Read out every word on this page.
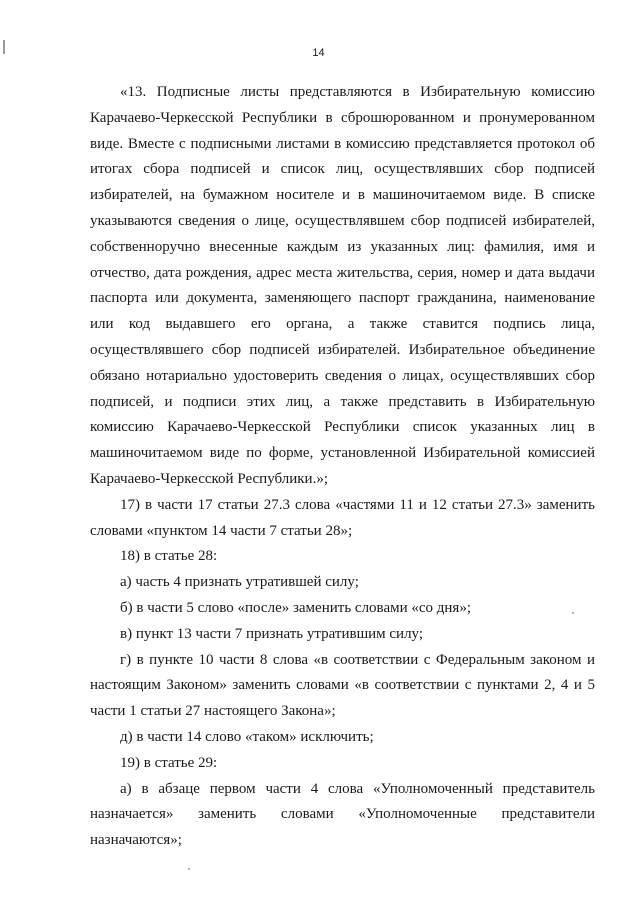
14

«13. Подписные листы представляются в Избирательную комиссию Карачаево-Черкесской Республики в сброшюрованном и пронумерованном виде. Вместе с подписными листами в комиссию представляется протокол об итогах сбора подписей и список лиц, осуществлявших сбор подписей избирателей, на бумажном носителе и в машиночитаемом виде. В списке указываются сведения о лице, осуществлявшем сбор подписей избирателей, собственноручно внесенные каждым из указанных лиц: фамилия, имя и отчество, дата рождения, адрес места жительства, серия, номер и дата выдачи паспорта или документа, заменяющего паспорт гражданина, наименование или код выдавшего его органа, а также ставится подпись лица, осуществлявшего сбор подписей избирателей. Избирательное объединение обязано нотариально удостоверить сведения о лицах, осуществлявших сбор подписей, и подписи этих лиц, а также представить в Избирательную комиссию Карачаево-Черкесской Республики список указанных лиц в машиночитаемом виде по форме, установленной Избирательной комиссией Карачаево-Черкесской Республики.»;

17) в части 17 статьи 27.3 слова «частями 11 и 12 статьи 27.3» заменить словами «пунктом 14 части 7 статьи 28»;

18) в статье 28:

а) часть 4 признать утратившей силу;

б) в части 5 слово «после» заменить словами «со дня»;

в) пункт 13 части 7 признать утратившим силу;

г) в пункте 10 части 8 слова «в соответствии с Федеральным законом и настоящим Законом» заменить словами «в соответствии с пунктами 2, 4 и 5 части 1 статьи 27 настоящего Закона»;

д) в части 14 слово «таком» исключить;

19) в статье 29:

а) в абзаце первом части 4 слова «Уполномоченный представитель назначается» заменить словами «Уполномоченные представители назначаются»;
